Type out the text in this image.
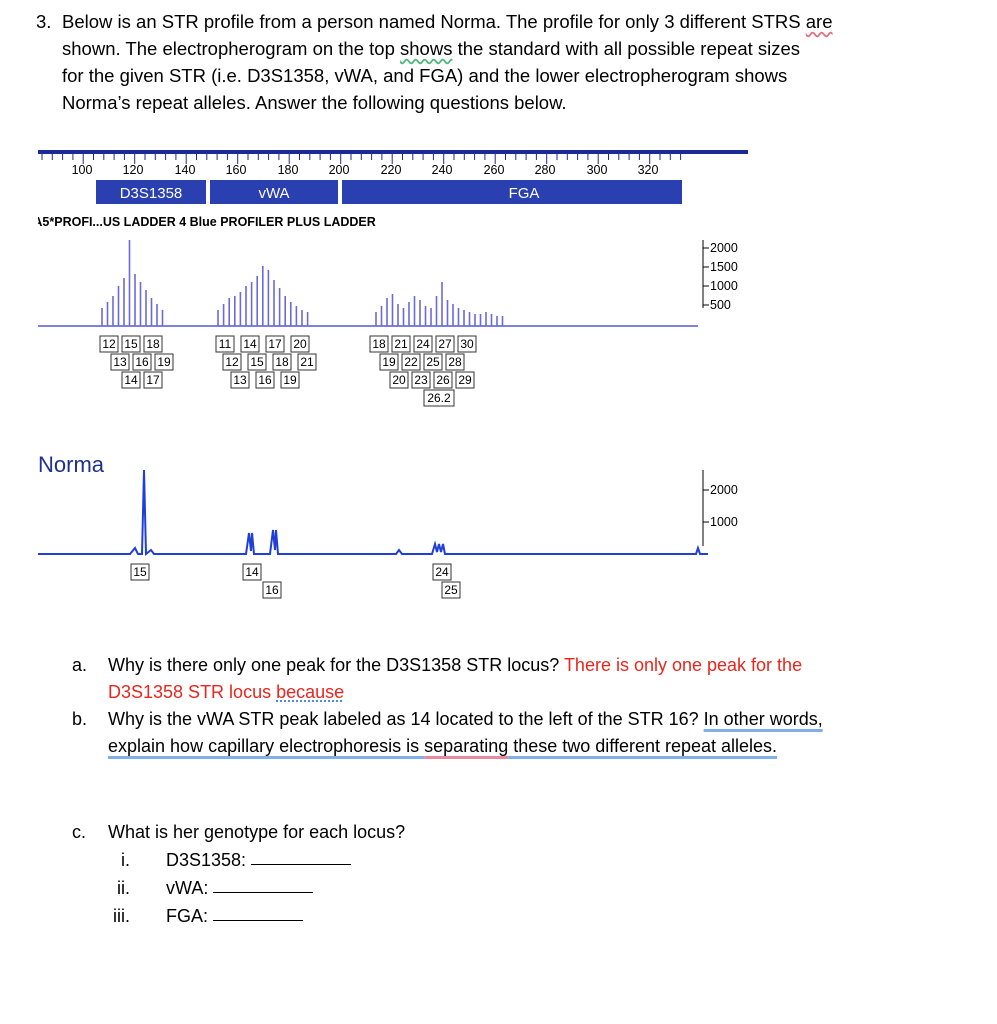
3. Below is an STR profile from a person named Norma. The profile for only 3 different STRS are
shown. The electropherogram on the top shows the standard with all possible repeat sizes
for the given STR (i.e. D3S1358, vWA, and FGA) and the lower electropherogram shows
Norma’s repeat alleles. Answer the following questions below.
100 120 140 160 180 200 220 240 260 280 300 320
D3S1358	vWA	FGA
• A5*PROFI...US LADDER 4 Blue PROFILER PLUS LADDER
2000
1500
1000
500
12 15 18
13 16 19
14 17
11 14 17 20
12 15 18 21
13 16 19
18 21 24 27 30
19 22 25 28
20 23 26 29
26.2
Norma
2000
1000
15	14
16
24
25
a.	Why is there only one peak for the D3S1358 STR locus? There is only one peak for the
D3S1358 STR locus because
b.	Why is the vWA STR peak labeled as 14 located to the left of the STR 16? In other words,
explain how capillary electrophoresis is separating these two different repeat alleles.
c.	What is her genotype for each locus?
i.	D3S1358:

ii.	vWA:

iii.	FGA:
